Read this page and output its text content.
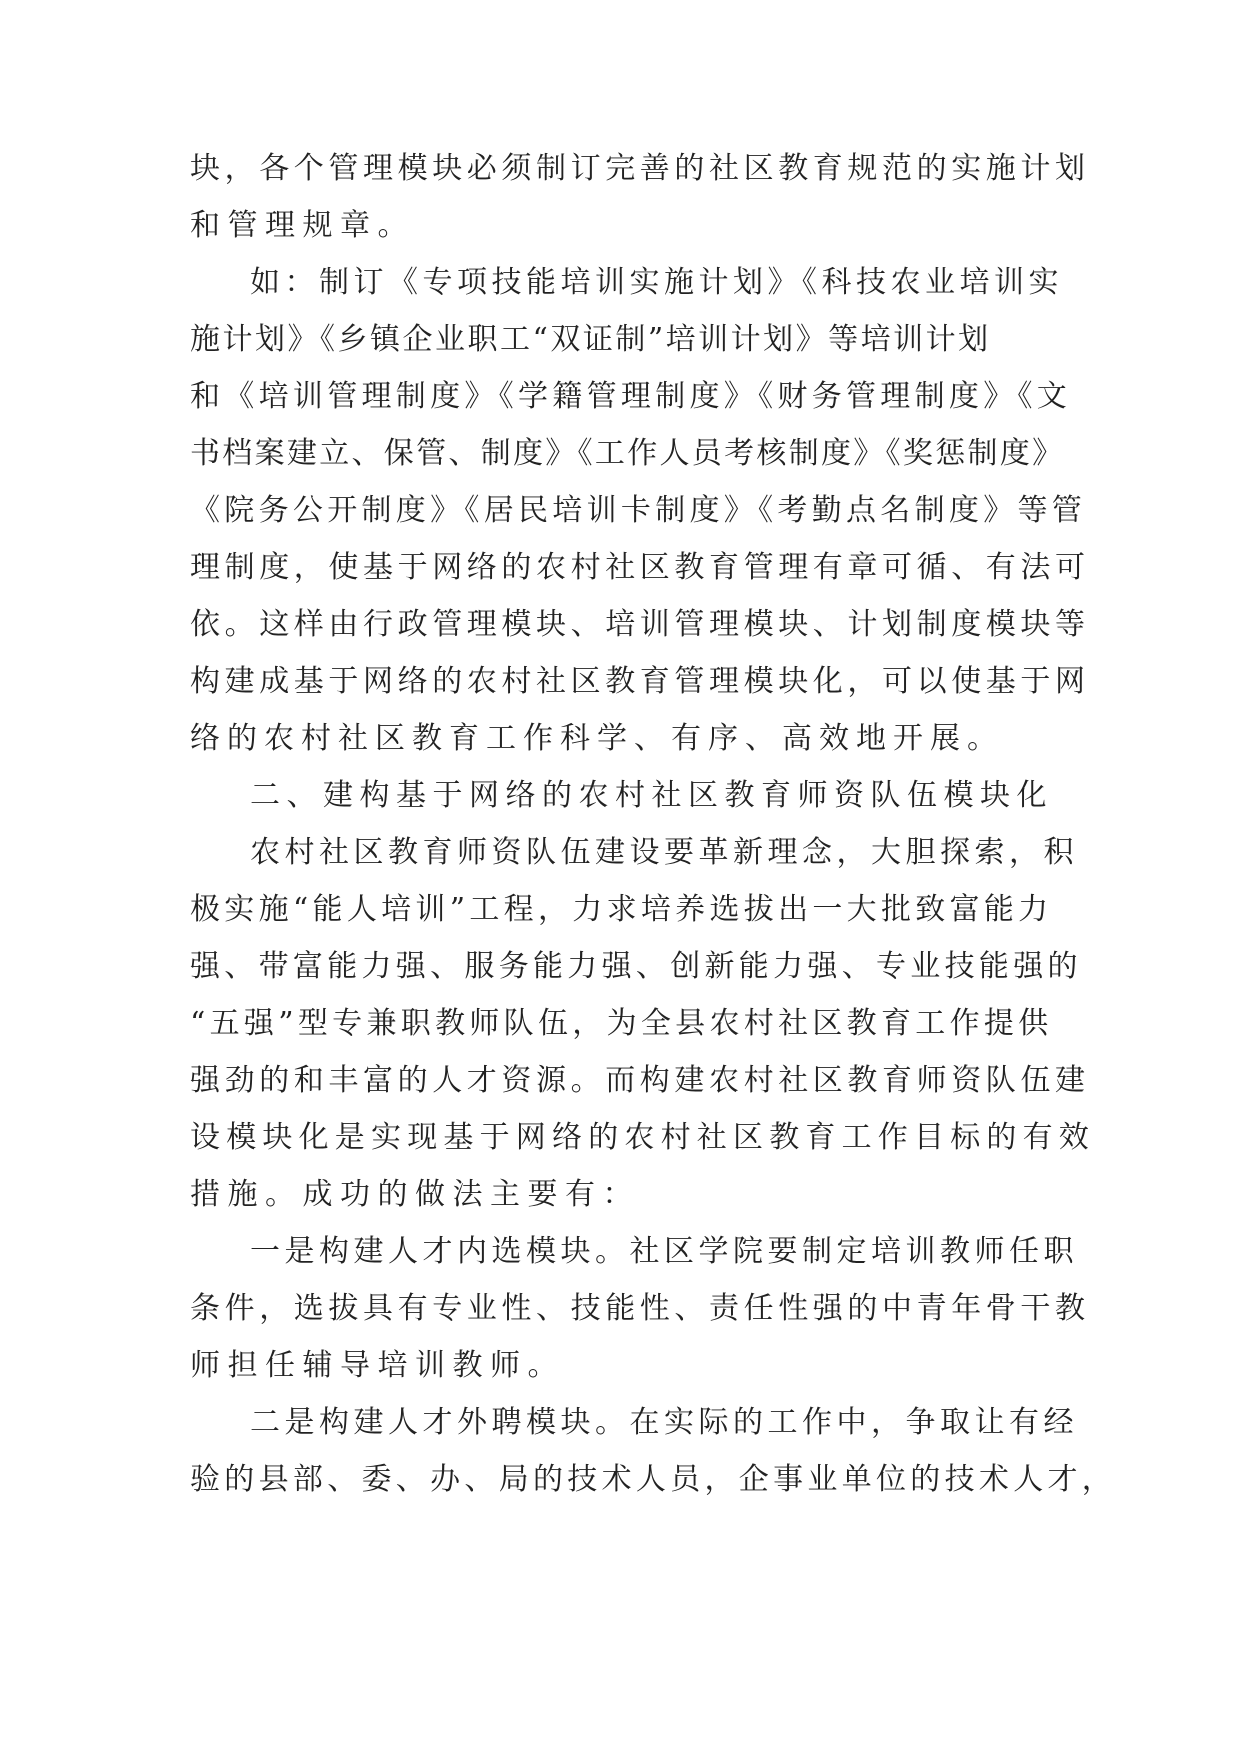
块，各个管理模块必须制订完善的社区教育规范的实施计划

和管理规章。

如：制订《专项技能培训实施计划》《科技农业培训实

施计划》《乡镇企业职工“双证制”培训计划》等培训计划

和《培训管理制度》《学籍管理制度》《财务管理制度》《文

书档案建立、保管、制度》《工作人员考核制度》《奖惩制度》

《院务公开制度》《居民培训卡制度》《考勤点名制度》等管

理制度，使基于网络的农村社区教育管理有章可循、有法可

依。这样由行政管理模块、培训管理模块、计划制度模块等

构建成基于网络的农村社区教育管理模块化，可以使基于网

络的农村社区教育工作科学、有序、高效地开展。

二、建构基于网络的农村社区教育师资队伍模块化

农村社区教育师资队伍建设要革新理念，大胆探索，积

极实施“能人培训”工程，力求培养选拔出一大批致富能力

强、带富能力强、服务能力强、创新能力强、专业技能强的

“五强”型专兼职教师队伍，为全县农村社区教育工作提供

强劲的和丰富的人才资源。而构建农村社区教育师资队伍建

设模块化是实现基于网络的农村社区教育工作目标的有效

措施。成功的做法主要有：

一是构建人才内选模块。社区学院要制定培训教师任职

条件，选拔具有专业性、技能性、责任性强的中青年骨干教

师担任辅导培训教师。

二是构建人才外聘模块。在实际的工作中，争取让有经

验的县部、委、办、局的技术人员，企事业单位的技术人才，
